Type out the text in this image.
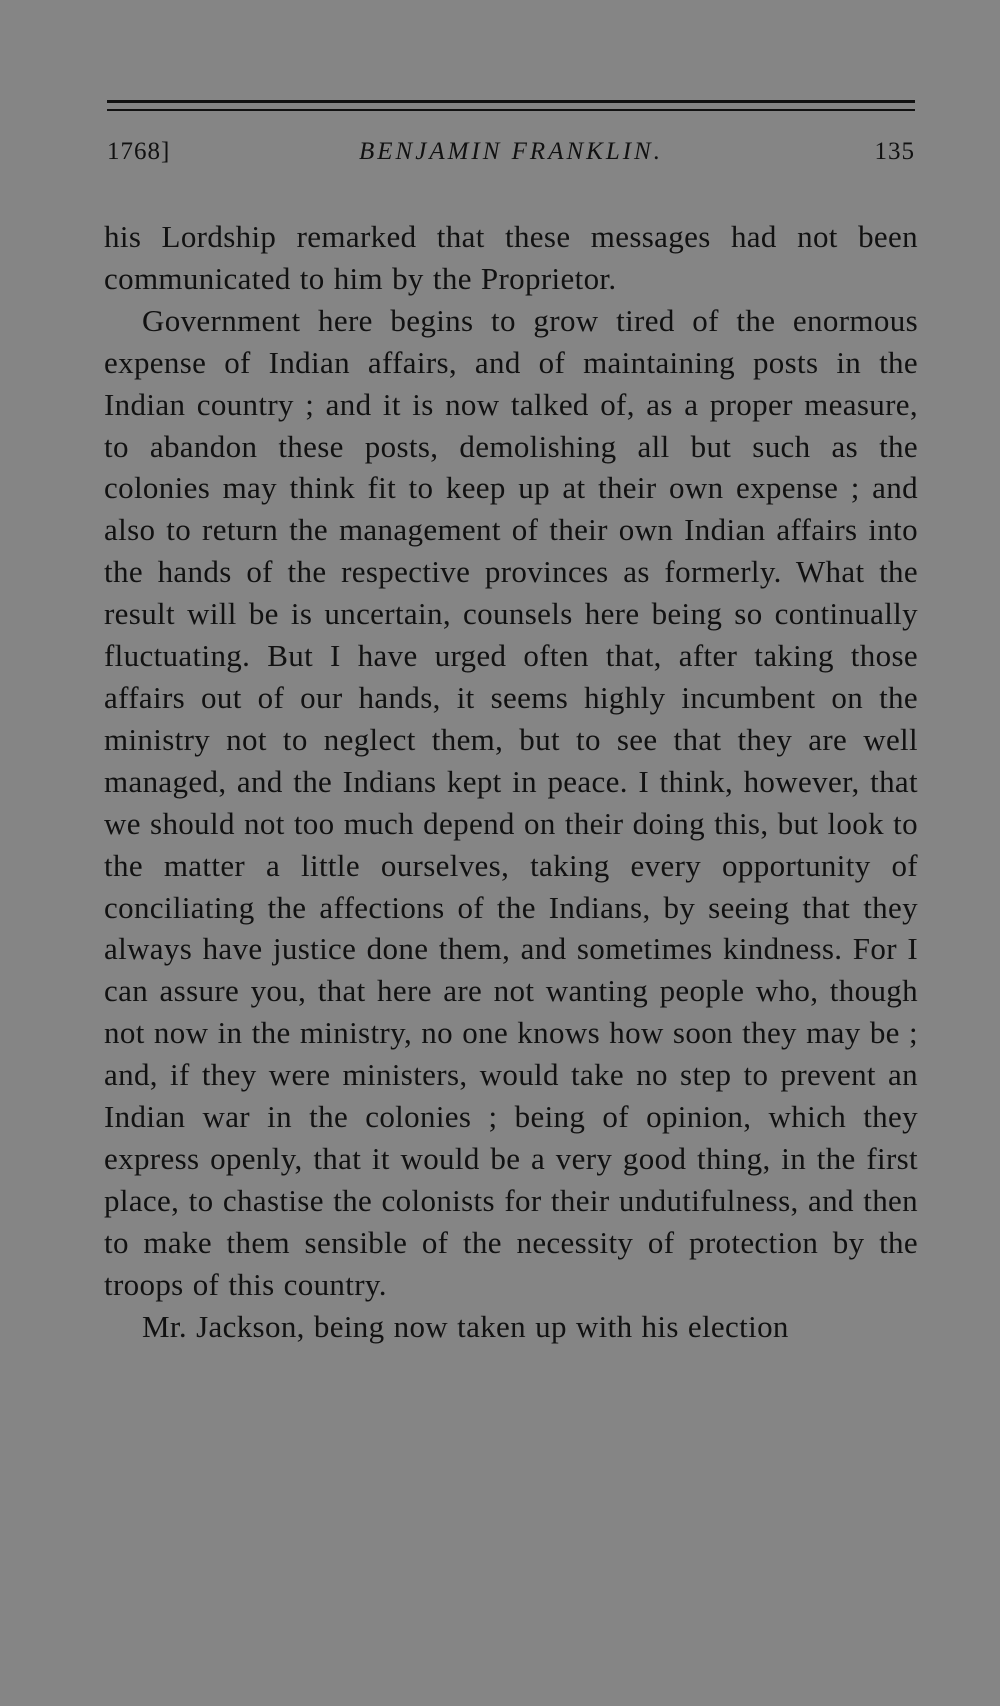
1768]	BENJAMIN FRANKLIN.	135

his Lordship remarked that these messages had not been communicated to him by the Proprietor.

Government here begins to grow tired of the enormous expense of Indian affairs, and of maintaining posts in the Indian country ; and it is now talked of, as a proper measure, to abandon these posts, demolishing all but such as the colonies may think fit to keep up at their own expense ; and also to return the management of their own Indian affairs into the hands of the respective provinces as formerly. What the result will be is uncertain, counsels here being so continually fluctuating. But I have urged often that, after taking those affairs out of our hands, it seems highly incumbent on the ministry not to neglect them, but to see that they are well managed, and the Indians kept in peace. I think, however, that we should not too much depend on their doing this, but look to the matter a little ourselves, taking every opportunity of conciliating the affections of the Indians, by seeing that they always have justice done them, and sometimes kindness. For I can assure you, that here are not wanting people who, though not now in the ministry, no one knows how soon they may be ; and, if they were ministers, would take no step to prevent an Indian war in the colonies ; being of opinion, which they express openly, that it would be a very good thing, in the first place, to chastise the colonists for their undutifulness, and then to make them sensible of the necessity of protection by the troops of this country.

Mr. Jackson, being now taken up with his election
